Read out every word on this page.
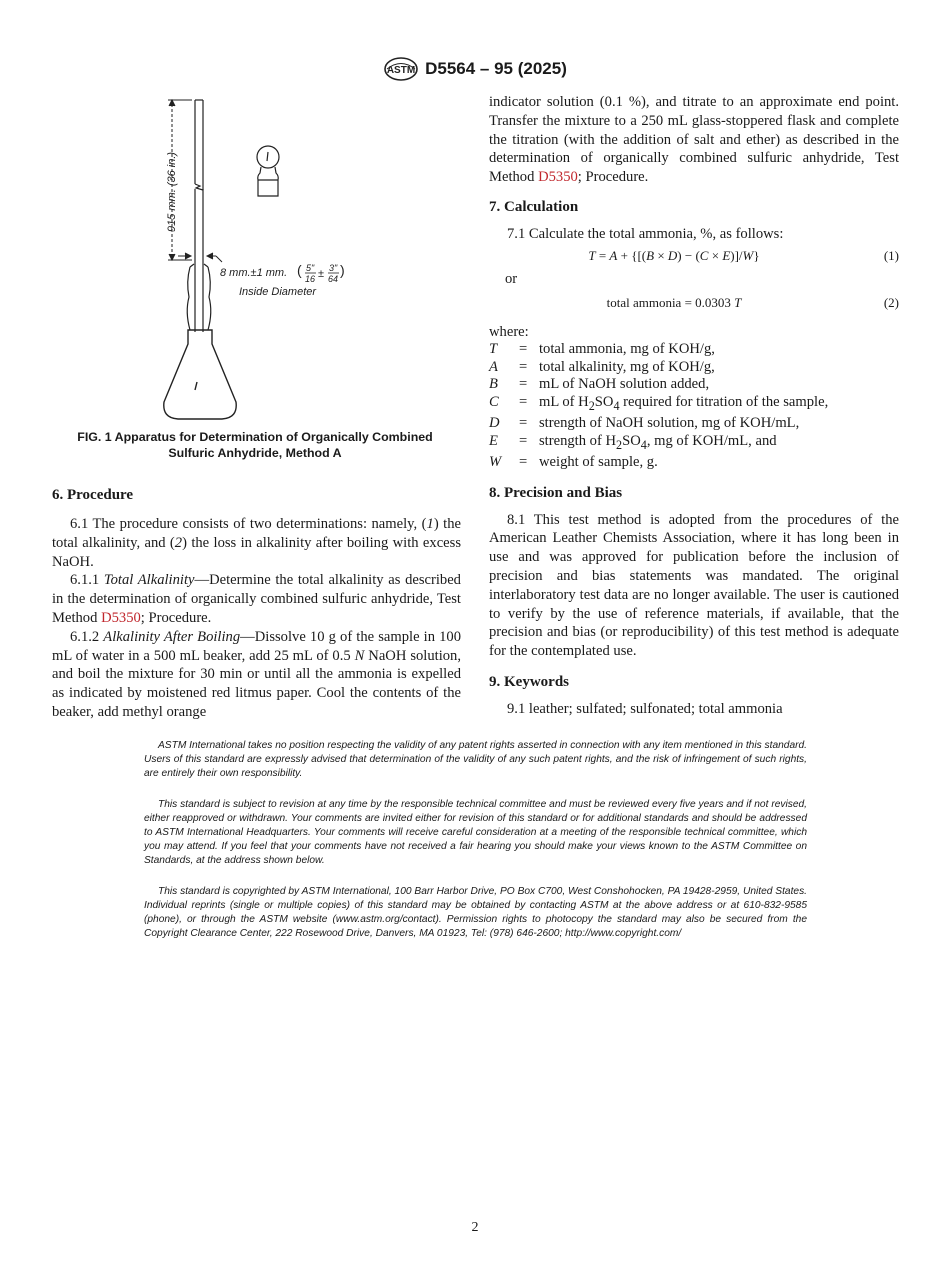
ASTM D5564 – 95 (2025)
915 mm. (36 in.)
8 mm.±1 mm. ( 5"
16 ± 3"
64
)
Inside Diameter
FIG. 1 Apparatus for Determination of Organically Combined
Sulfuric Anhydride, Method A

6. Procedure

6.1 The procedure consists of two determinations: namely, (1) the total alkalinity, and (2) the loss in alkalinity after boiling with excess NaOH.

6.1.1 Total Alkalinity—Determine the total alkalinity as described in the determination of organically combined sulfuric anhydride, Test Method D5350; Procedure.

6.1.2 Alkalinity After Boiling—Dissolve 10 g of the sample in 100 mL of water in a 500 mL beaker, add 25 mL of 0.5 N NaOH solution, and boil the mixture for 30 min or until all the ammonia is expelled as indicated by moistened red litmus paper. Cool the contents of the beaker, add methyl orange

indicator solution (0.1 %), and titrate to an approximate end point. Transfer the mixture to a 250 mL glass-stoppered flask and complete the titration (with the addition of salt and ether) as described in the determination of organically combined sulfuric anhydride, Test Method D5350; Procedure.

7. Calculation

7.1 Calculate the total ammonia, %, as follows:

T = A + {[(B × D) − (C × E)]/W}	(1)

or

total ammonia = 0.0303 T	(2)

where:

T	=	total ammonia, mg of KOH/g,
A	=	total alkalinity, mg of KOH/g,
B	=	mL of NaOH solution added,
C	=	mL of $H_2SO_4$ required for titration of the sample,
D	=	strength of NaOH solution, mg of KOH/mL,
E	=	strength of $H_2SO_4$, mg of KOH/mL, and
W	=	weight of sample, g.

8. Precision and Bias

8.1 This test method is adopted from the procedures of the American Leather Chemists Association, where it has long been in use and was approved for publication before the inclusion of precision and bias statements was mandated. The original interlaboratory test data are no longer available. The user is cautioned to verify by the use of reference materials, if available, that the precision and bias (or reproducibility) of this test method is adequate for the contemplated use.

9. Keywords

9.1 leather; sulfated; sulfonated; total ammonia

ASTM International takes no position respecting the validity of any patent rights asserted in connection with any item mentioned in this standard. Users of this standard are expressly advised that determination of the validity of any such patent rights, and the risk of infringement of such rights, are entirely their own responsibility.

This standard is subject to revision at any time by the responsible technical committee and must be reviewed every five years and if not revised, either reapproved or withdrawn. Your comments are invited either for revision of this standard or for additional standards and should be addressed to ASTM International Headquarters. Your comments will receive careful consideration at a meeting of the responsible technical committee, which you may attend. If you feel that your comments have not received a fair hearing you should make your views known to the ASTM Committee on Standards, at the address shown below.

This standard is copyrighted by ASTM International, 100 Barr Harbor Drive, PO Box C700, West Conshohocken, PA 19428-2959, United States. Individual reprints (single or multiple copies) of this standard may be obtained by contacting ASTM at the above address or at 610-832-9585 (phone), or through the ASTM website (www.astm.org/contact). Permission rights to photocopy the standard may also be secured from the Copyright Clearance Center, 222 Rosewood Drive, Danvers, MA 01923, Tel: (978) 646-2600; http://www.copyright.com/

2
